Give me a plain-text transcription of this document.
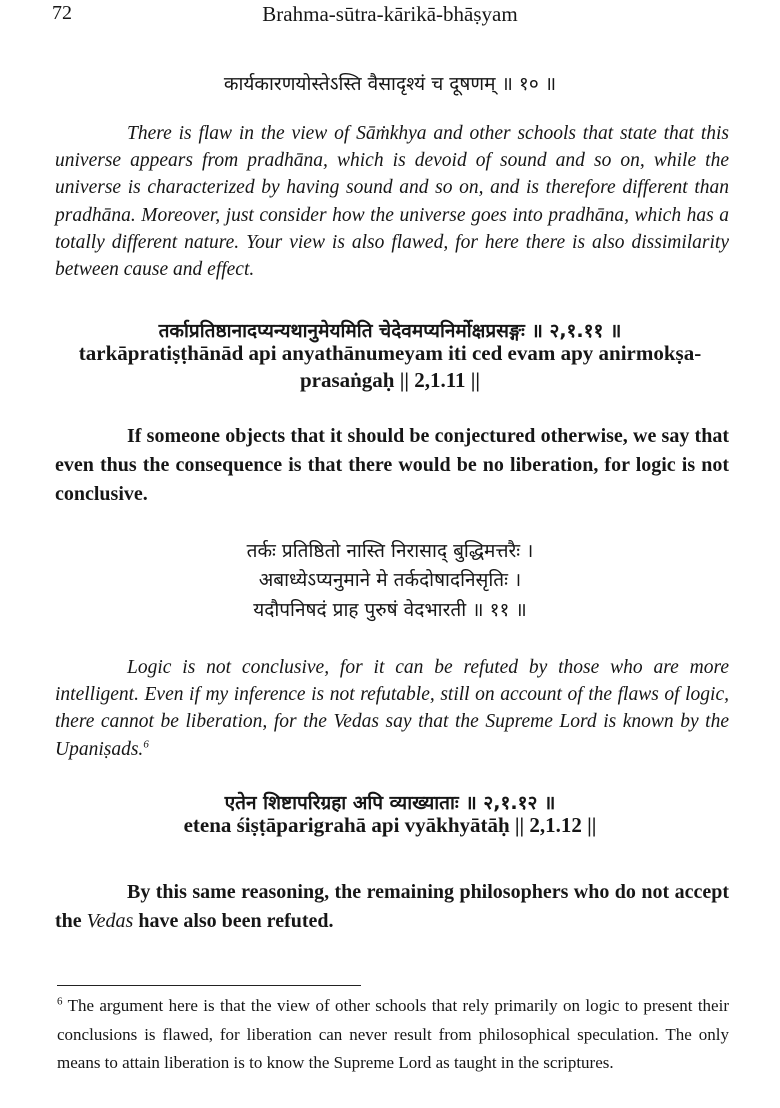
72	Brahma-sūtra-kārikā-bhāṣyam
कार्यकारणयोस्तेऽस्ति वैसादृश्यं च दूषणम् ॥ १० ॥

There is flaw in the view of Sāṁkhya and other schools that state that this universe appears from pradhāna, which is devoid of sound and so on, while the universe is characterized by having sound and so on, and is therefore different than pradhāna. Moreover, just consider how the universe goes into pradhāna, which has a totally different nature. Your view is also flawed, for here there is also dissimilarity between cause and effect.

तर्काप्रतिष्ठानादप्यन्यथानुमेयमिति चेदेवमप्यनिर्मोक्षप्रसङ्गः ॥ २,१.११ ॥
tarkāpratiṣṭhānād api anyathānumeyam iti ced evam apy anirmokṣa-
prasaṅgaḥ || 2,1.11 ||

If someone objects that it should be conjectured otherwise, we say that even thus the consequence is that there would be no liberation, for logic is not conclusive.

तर्कः प्रतिष्ठितो नास्ति निरासाद् बुद्धिमत्तरैः ।
अबाध्येऽप्यनुमाने मे तर्कदोषादनिसृतिः ।
यदौपनिषदं प्राह पुरुषं वेदभारती ॥ ११ ॥

Logic is not conclusive, for it can be refuted by those who are more intelligent. Even if my inference is not refutable, still on account of the flaws of logic, there cannot be liberation, for the Vedas say that the Supreme Lord is known by the Upaniṣads.$^6$

एतेन शिष्टापरिग्रहा अपि व्याख्याताः ॥ २,१.१२ ॥
etena śiṣṭāparigrahā api vyākhyātāḥ || 2,1.12 ||

By this same reasoning, the remaining philosophers who do not accept the Vedas have also been refuted.

$^6$ The argument here is that the view of other schools that rely primarily on logic to present their conclusions is flawed, for liberation can never result from philosophical speculation. The only means to attain liberation is to know the Supreme Lord as taught in the scriptures.
